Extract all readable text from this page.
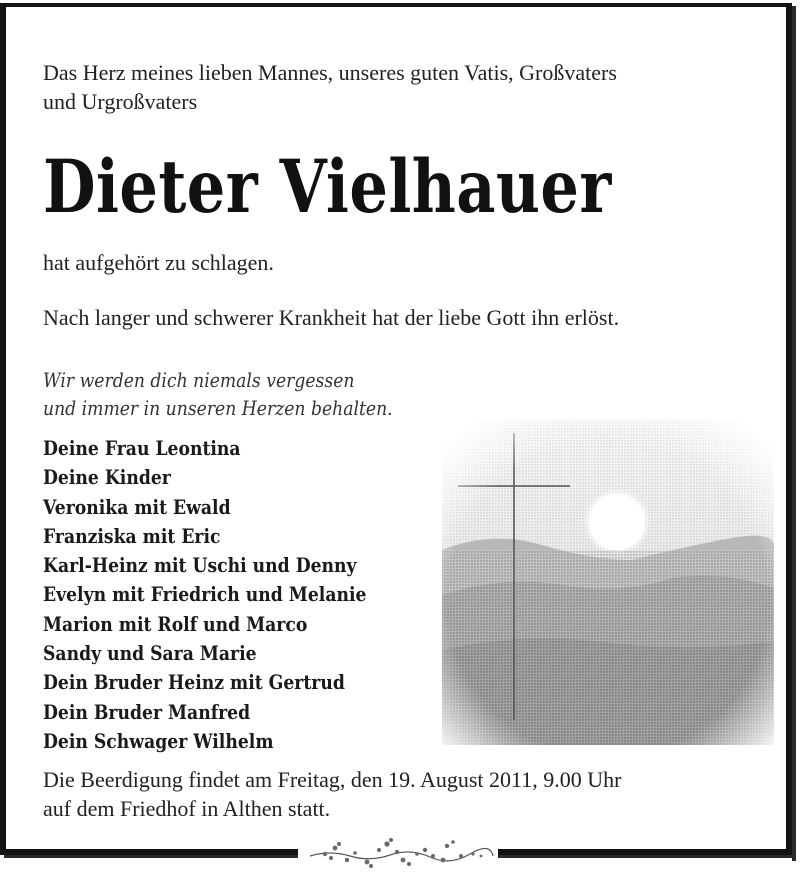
Das Herz meines lieben Mannes, unseres guten Vatis, Großvaters
und Urgroßvaters
Dieter Vielhauer
hat aufgehört zu schlagen.
Nach langer und schwerer Krankheit hat der liebe Gott ihn erlöst.
Wir werden dich niemals vergessen
und immer in unseren Herzen behalten.
Deine Frau Leontina
Deine Kinder
Veronika mit Ewald
Franziska mit Eric
Karl-Heinz mit Uschi und Denny
Evelyn mit Friedrich und Melanie
Marion mit Rolf und Marco
Sandy und Sara Marie
Dein Bruder Heinz mit Gertrud
Dein Bruder Manfred
Dein Schwager Wilhelm
Die Beerdigung findet am Freitag, den 19. August 2011, 9.00 Uhr
auf dem Friedhof in Althen statt.
